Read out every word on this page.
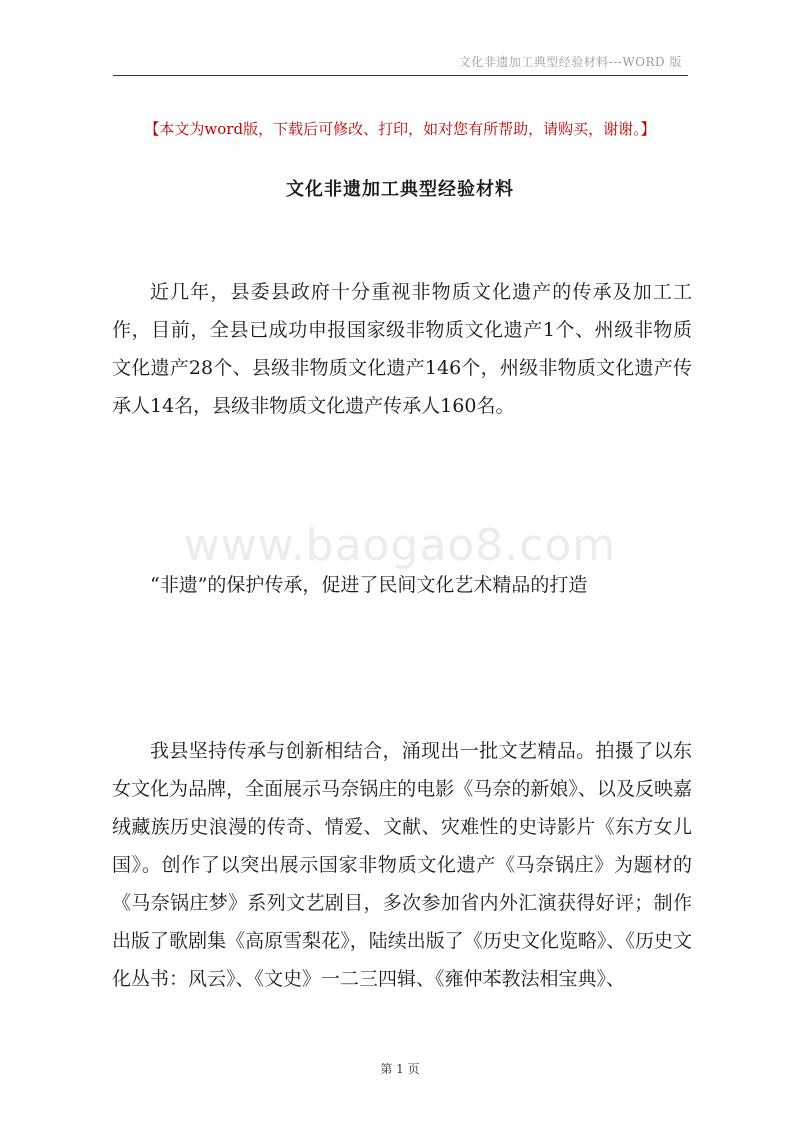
文化非遗加工典型经验材料---WORD 版
【本文为word版，下载后可修改、打印，如对您有所帮助，请购买，谢谢。】
文化非遗加工典型经验材料

近几年，县委县政府十分重视非物质文化遗产的传承及加工工作，目前，全县已成功申报国家级非物质文化遗产1个、州级非物质文化遗产28个、县级非物质文化遗产146个，州级非物质文化遗产传承人14名，县级非物质文化遗产传承人160名。

www.baogao8.com
“非遗”的保护传承，促进了民间文化艺术精品的打造

我县坚持传承与创新相结合，涌现出一批文艺精品。拍摄了以东女文化为品牌，全面展示马奈锅庄的电影《马奈的新娘》、以及反映嘉绒藏族历史浪漫的传奇、情爱、文献、灾难性的史诗影片《东方女儿国》。创作了以突出展示国家非物质文化遗产《马奈锅庄》为题材的《马奈锅庄梦》系列文艺剧目，多次参加省内外汇演获得好评；制作出版了歌剧集《高原雪梨花》，陆续出版了《历史文化览略》、《历史文化丛书：风云》、《文史》一二三四辑、《雍仲苯教法相宝典》、

第 1 页
